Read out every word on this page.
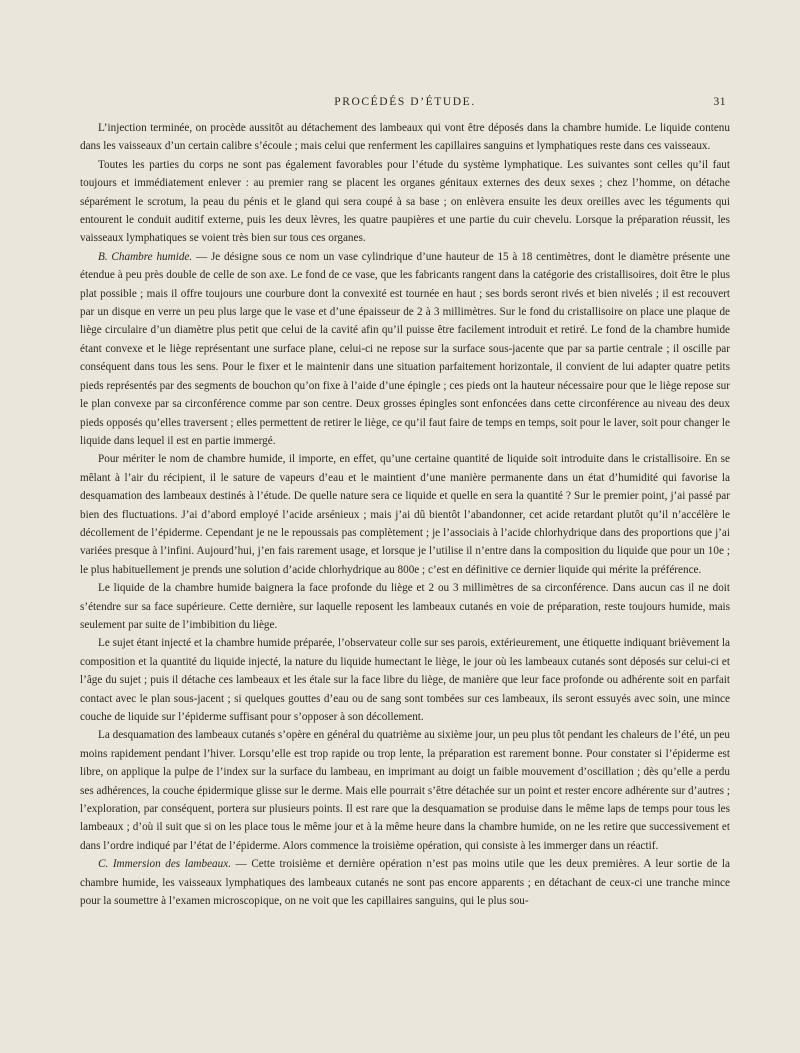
PROCÉDÉS D’ÉTUDE.	31

L’injection terminée, on procède aussitôt au détachement des lambeaux qui vont être déposés dans la chambre humide. Le liquide contenu dans les vaisseaux d’un certain calibre s’écoule ; mais celui que renferment les capillaires sanguins et lymphatiques reste dans ces vaisseaux.

Toutes les parties du corps ne sont pas également favorables pour l’étude du système lymphatique. Les suivantes sont celles qu’il faut toujours et immédiatement enlever : au premier rang se placent les organes génitaux externes des deux sexes ; chez l’homme, on détache séparément le scrotum, la peau du pénis et le gland qui sera coupé à sa base ; on enlèvera ensuite les deux oreilles avec les téguments qui entourent le conduit auditif externe, puis les deux lèvres, les quatre paupières et une partie du cuir chevelu. Lorsque la préparation réussit, les vaisseaux lymphatiques se voient très bien sur tous ces organes.

B. Chambre humide. — Je désigne sous ce nom un vase cylindrique d’une hauteur de 15 à 18 centimètres, dont le diamètre présente une étendue à peu près double de celle de son axe. Le fond de ce vase, que les fabricants rangent dans la catégorie des cristallisoires, doit être le plus plat possible ; mais il offre toujours une courbure dont la convexité est tournée en haut ; ses bords seront rivés et bien nivelés ; il est recouvert par un disque en verre un peu plus large que le vase et d’une épaisseur de 2 à 3 millimètres. Sur le fond du cristallisoire on place une plaque de liège circulaire d’un diamètre plus petit que celui de la cavité afin qu’il puisse être facilement introduit et retiré. Le fond de la chambre humide étant convexe et le liège représentant une surface plane, celui-ci ne repose sur la surface sous-jacente que par sa partie centrale ; il oscille par conséquent dans tous les sens. Pour le fixer et le maintenir dans une situation parfaitement horizontale, il convient de lui adapter quatre petits pieds représentés par des segments de bouchon qu’on fixe à l’aide d’une épingle ; ces pieds ont la hauteur nécessaire pour que le liège repose sur le plan convexe par sa circonférence comme par son centre. Deux grosses épingles sont enfoncées dans cette circonférence au niveau des deux pieds opposés qu’elles traversent ; elles permettent de retirer le liège, ce qu’il faut faire de temps en temps, soit pour le laver, soit pour changer le liquide dans lequel il est en partie immergé.

Pour mériter le nom de chambre humide, il importe, en effet, qu’une certaine quantité de liquide soit introduite dans le cristallisoire. En se mêlant à l’air du récipient, il le sature de vapeurs d’eau et le maintient d’une manière permanente dans un état d’humidité qui favorise la desquamation des lambeaux destinés à l’étude. De quelle nature sera ce liquide et quelle en sera la quantité ? Sur le premier point, j’ai passé par bien des fluctuations. J’ai d’abord employé l’acide arsénieux ; mais j’ai dû bientôt l’abandonner, cet acide retardant plutôt qu’il n’accélère le décollement de l’épiderme. Cependant je ne le repoussais pas complètement ; je l’associais à l’acide chlorhydrique dans des proportions que j’ai variées presque à l’infini. Aujourd’hui, j’en fais rarement usage, et lorsque je l’utilise il n’entre dans la composition du liquide que pour un 10e ; le plus habituellement je prends une solution d’acide chlorhydrique au 800e ; c’est en définitive ce dernier liquide qui mérite la préférence.

Le liquide de la chambre humide baignera la face profonde du liège et 2 ou 3 millimètres de sa circonférence. Dans aucun cas il ne doit s’étendre sur sa face supérieure. Cette dernière, sur laquelle reposent les lambeaux cutanés en voie de préparation, reste toujours humide, mais seulement par suite de l’imbibition du liège.

Le sujet étant injecté et la chambre humide préparée, l’observateur colle sur ses parois, extérieurement, une étiquette indiquant brièvement la composition et la quantité du liquide injecté, la nature du liquide humectant le liège, le jour où les lambeaux cutanés sont déposés sur celui-ci et l’âge du sujet ; puis il détache ces lambeaux et les étale sur la face libre du liège, de manière que leur face profonde ou adhérente soit en parfait contact avec le plan sous-jacent ; si quelques gouttes d’eau ou de sang sont tombées sur ces lambeaux, ils seront essuyés avec soin, une mince couche de liquide sur l’épiderme suffisant pour s’opposer à son décollement.

La desquamation des lambeaux cutanés s’opère en général du quatrième au sixième jour, un peu plus tôt pendant les chaleurs de l’été, un peu moins rapidement pendant l’hiver. Lorsqu’elle est trop rapide ou trop lente, la préparation est rarement bonne. Pour constater si l’épiderme est libre, on applique la pulpe de l’index sur la surface du lambeau, en imprimant au doigt un faible mouvement d’oscillation ; dès qu’elle a perdu ses adhérences, la couche épidermique glisse sur le derme. Mais elle pourrait s’être détachée sur un point et rester encore adhérente sur d’autres ; l’exploration, par conséquent, portera sur plusieurs points. Il est rare que la desquamation se produise dans le même laps de temps pour tous les lambeaux ; d’où il suit que si on les place tous le même jour et à la même heure dans la chambre humide, on ne les retire que successivement et dans l’ordre indiqué par l’état de l’épiderme. Alors commence la troisième opération, qui consiste à les immerger dans un réactif.

C. Immersion des lambeaux. — Cette troisième et dernière opération n’est pas moins utile que les deux premières. A leur sortie de la chambre humide, les vaisseaux lymphatiques des lambeaux cutanés ne sont pas encore apparents ; en détachant de ceux-ci une tranche mince pour la soumettre à l’examen microscopique, on ne voit que les capillaires sanguins, qui le plus sou-
